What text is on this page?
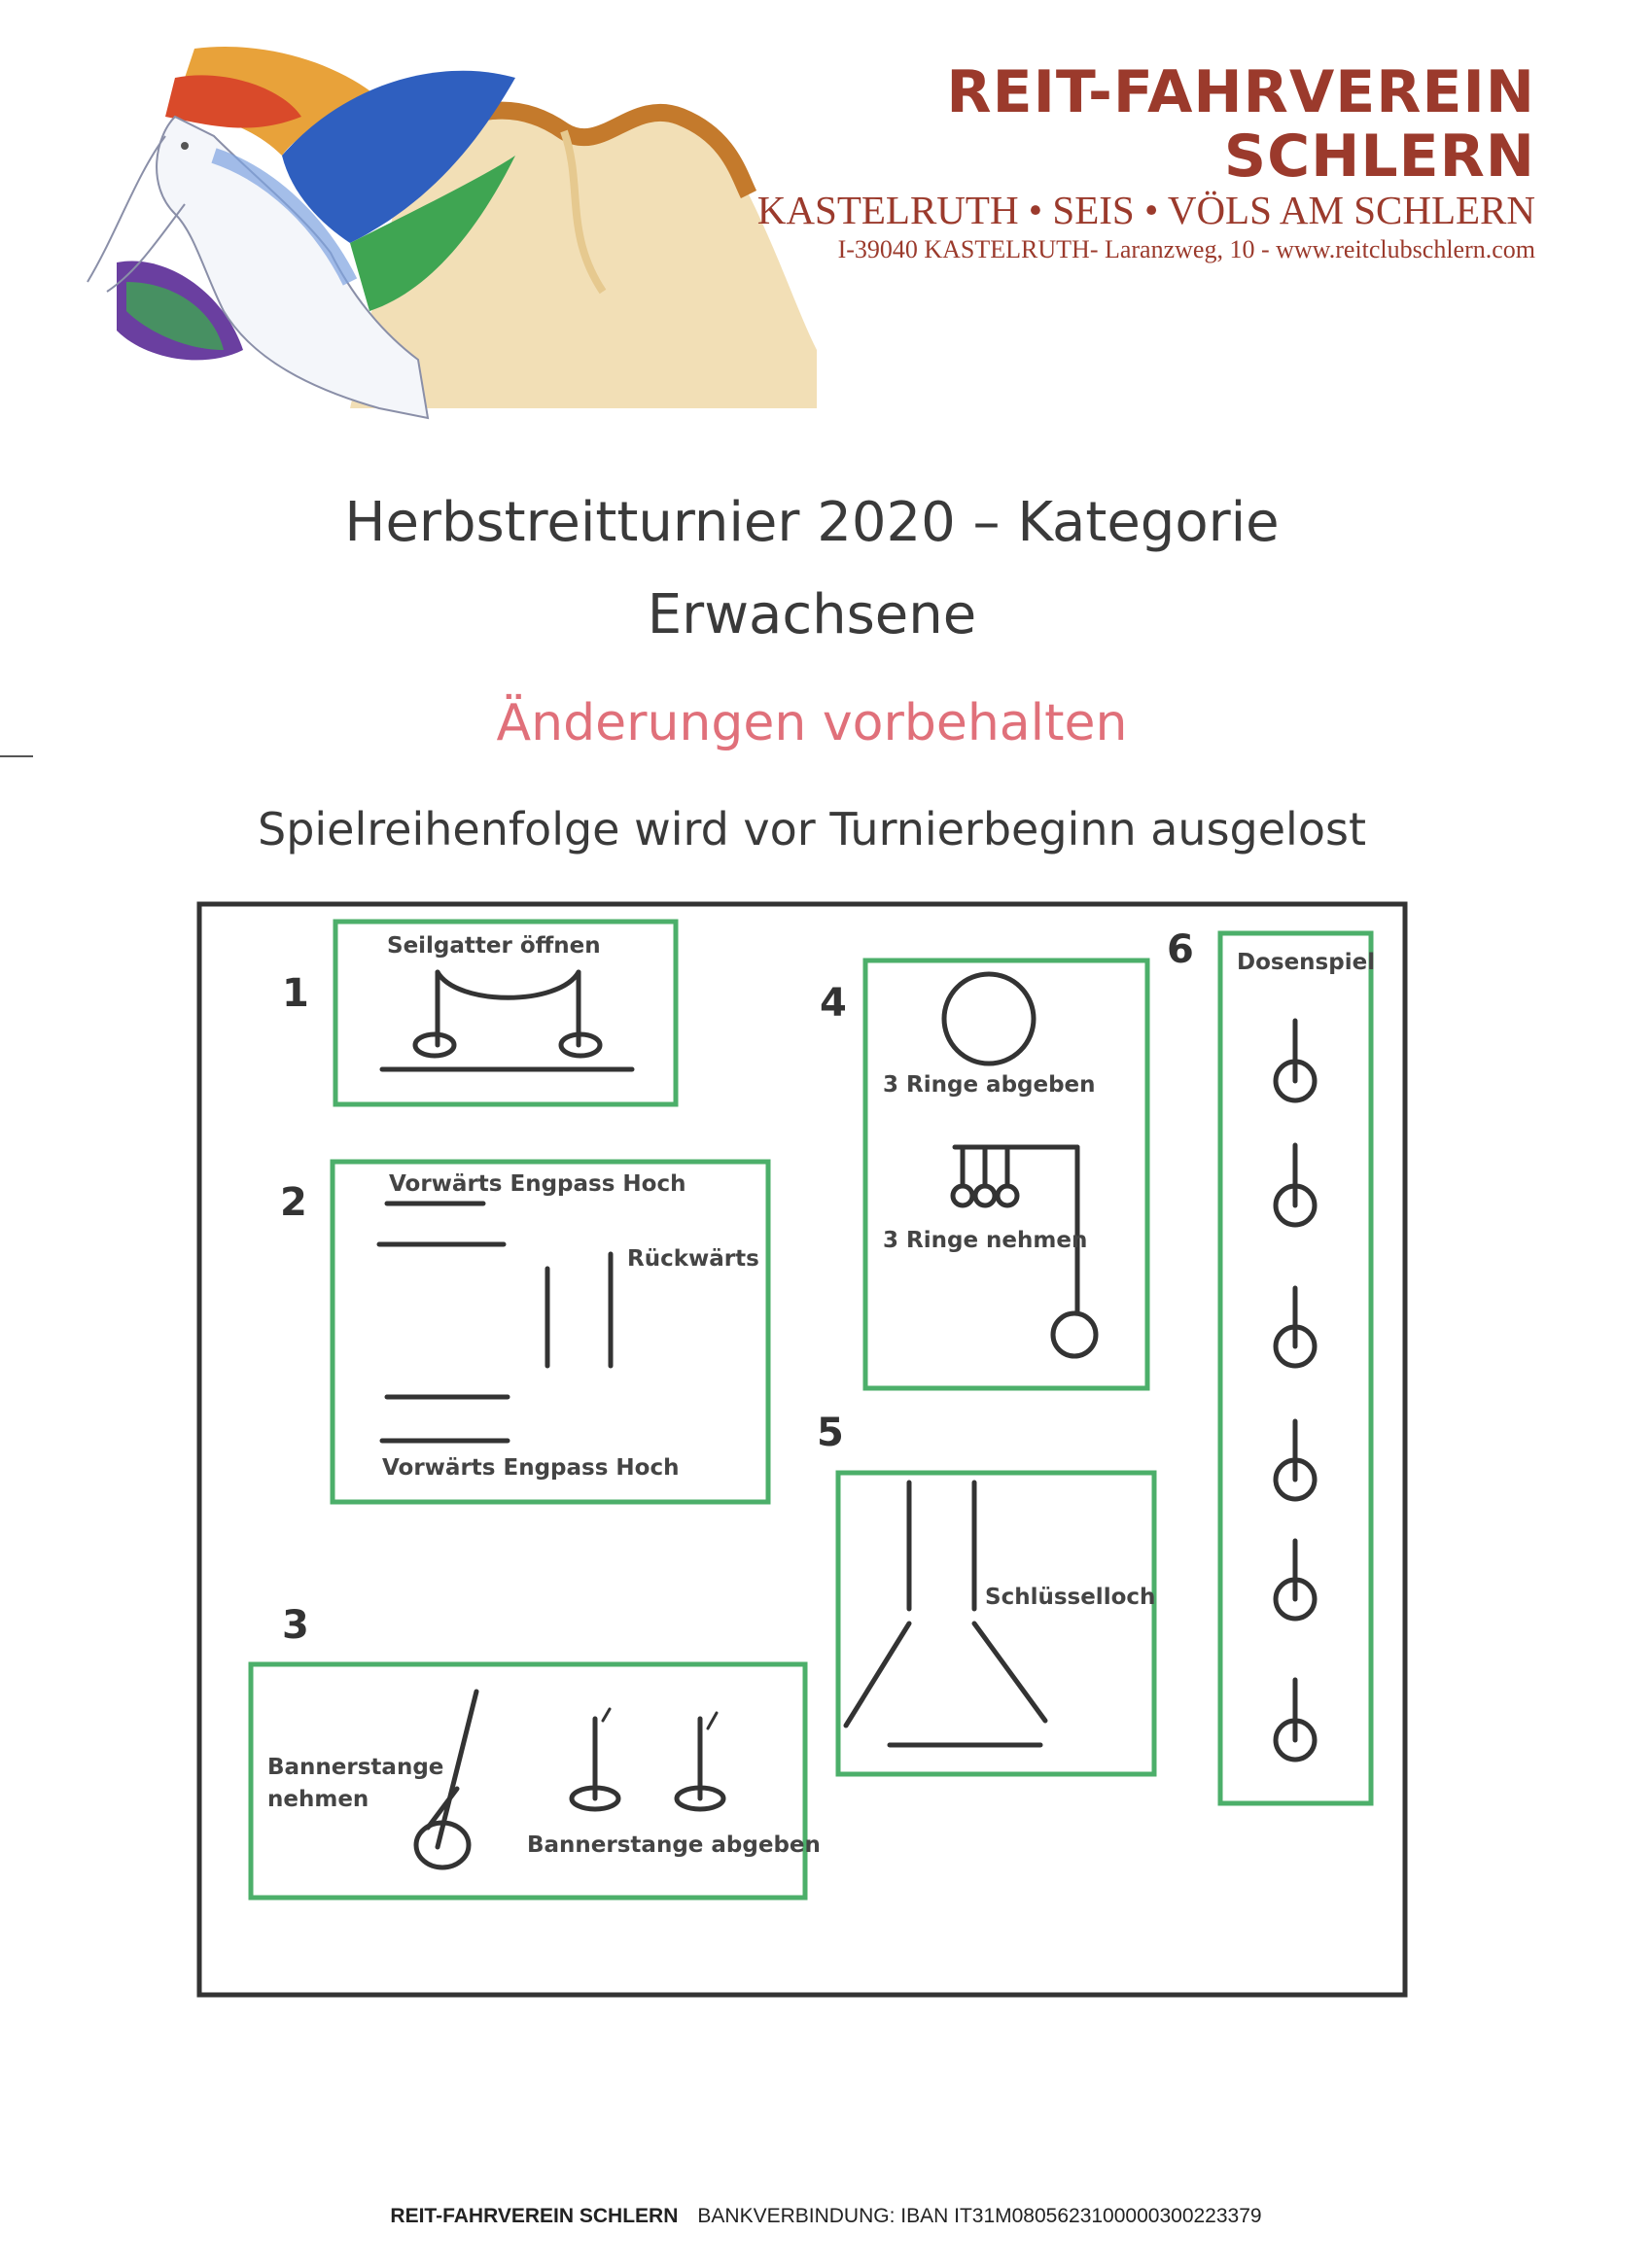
REIT-FAHRVEREIN
SCHLERN
KASTELRUTH • SEIS • VÖLS AM SCHLERN
I-39040 KASTELRUTH- Laranzweg, 10 - www.reitclubschlern.com
Herbstreitturnier 2020 – Kategorie
Erwachsene
Änderungen vorbehalten
Spielreihenfolge wird vor Turnierbeginn ausgelost
1
2
3
4
5
6
Seilgatter öffnen
Vorwärts Engpass Hoch
Rückwärts
Vorwärts Engpass Hoch
Bannerstange
nehmen
Bannerstange abgeben
3 Ringe abgeben
3 Ringe nehmen
Schlüsselloch
Dosenspiel
REIT-FAHRVEREIN SCHLERN BANKVERBINDUNG: IBAN IT31M0805623100000300223379
